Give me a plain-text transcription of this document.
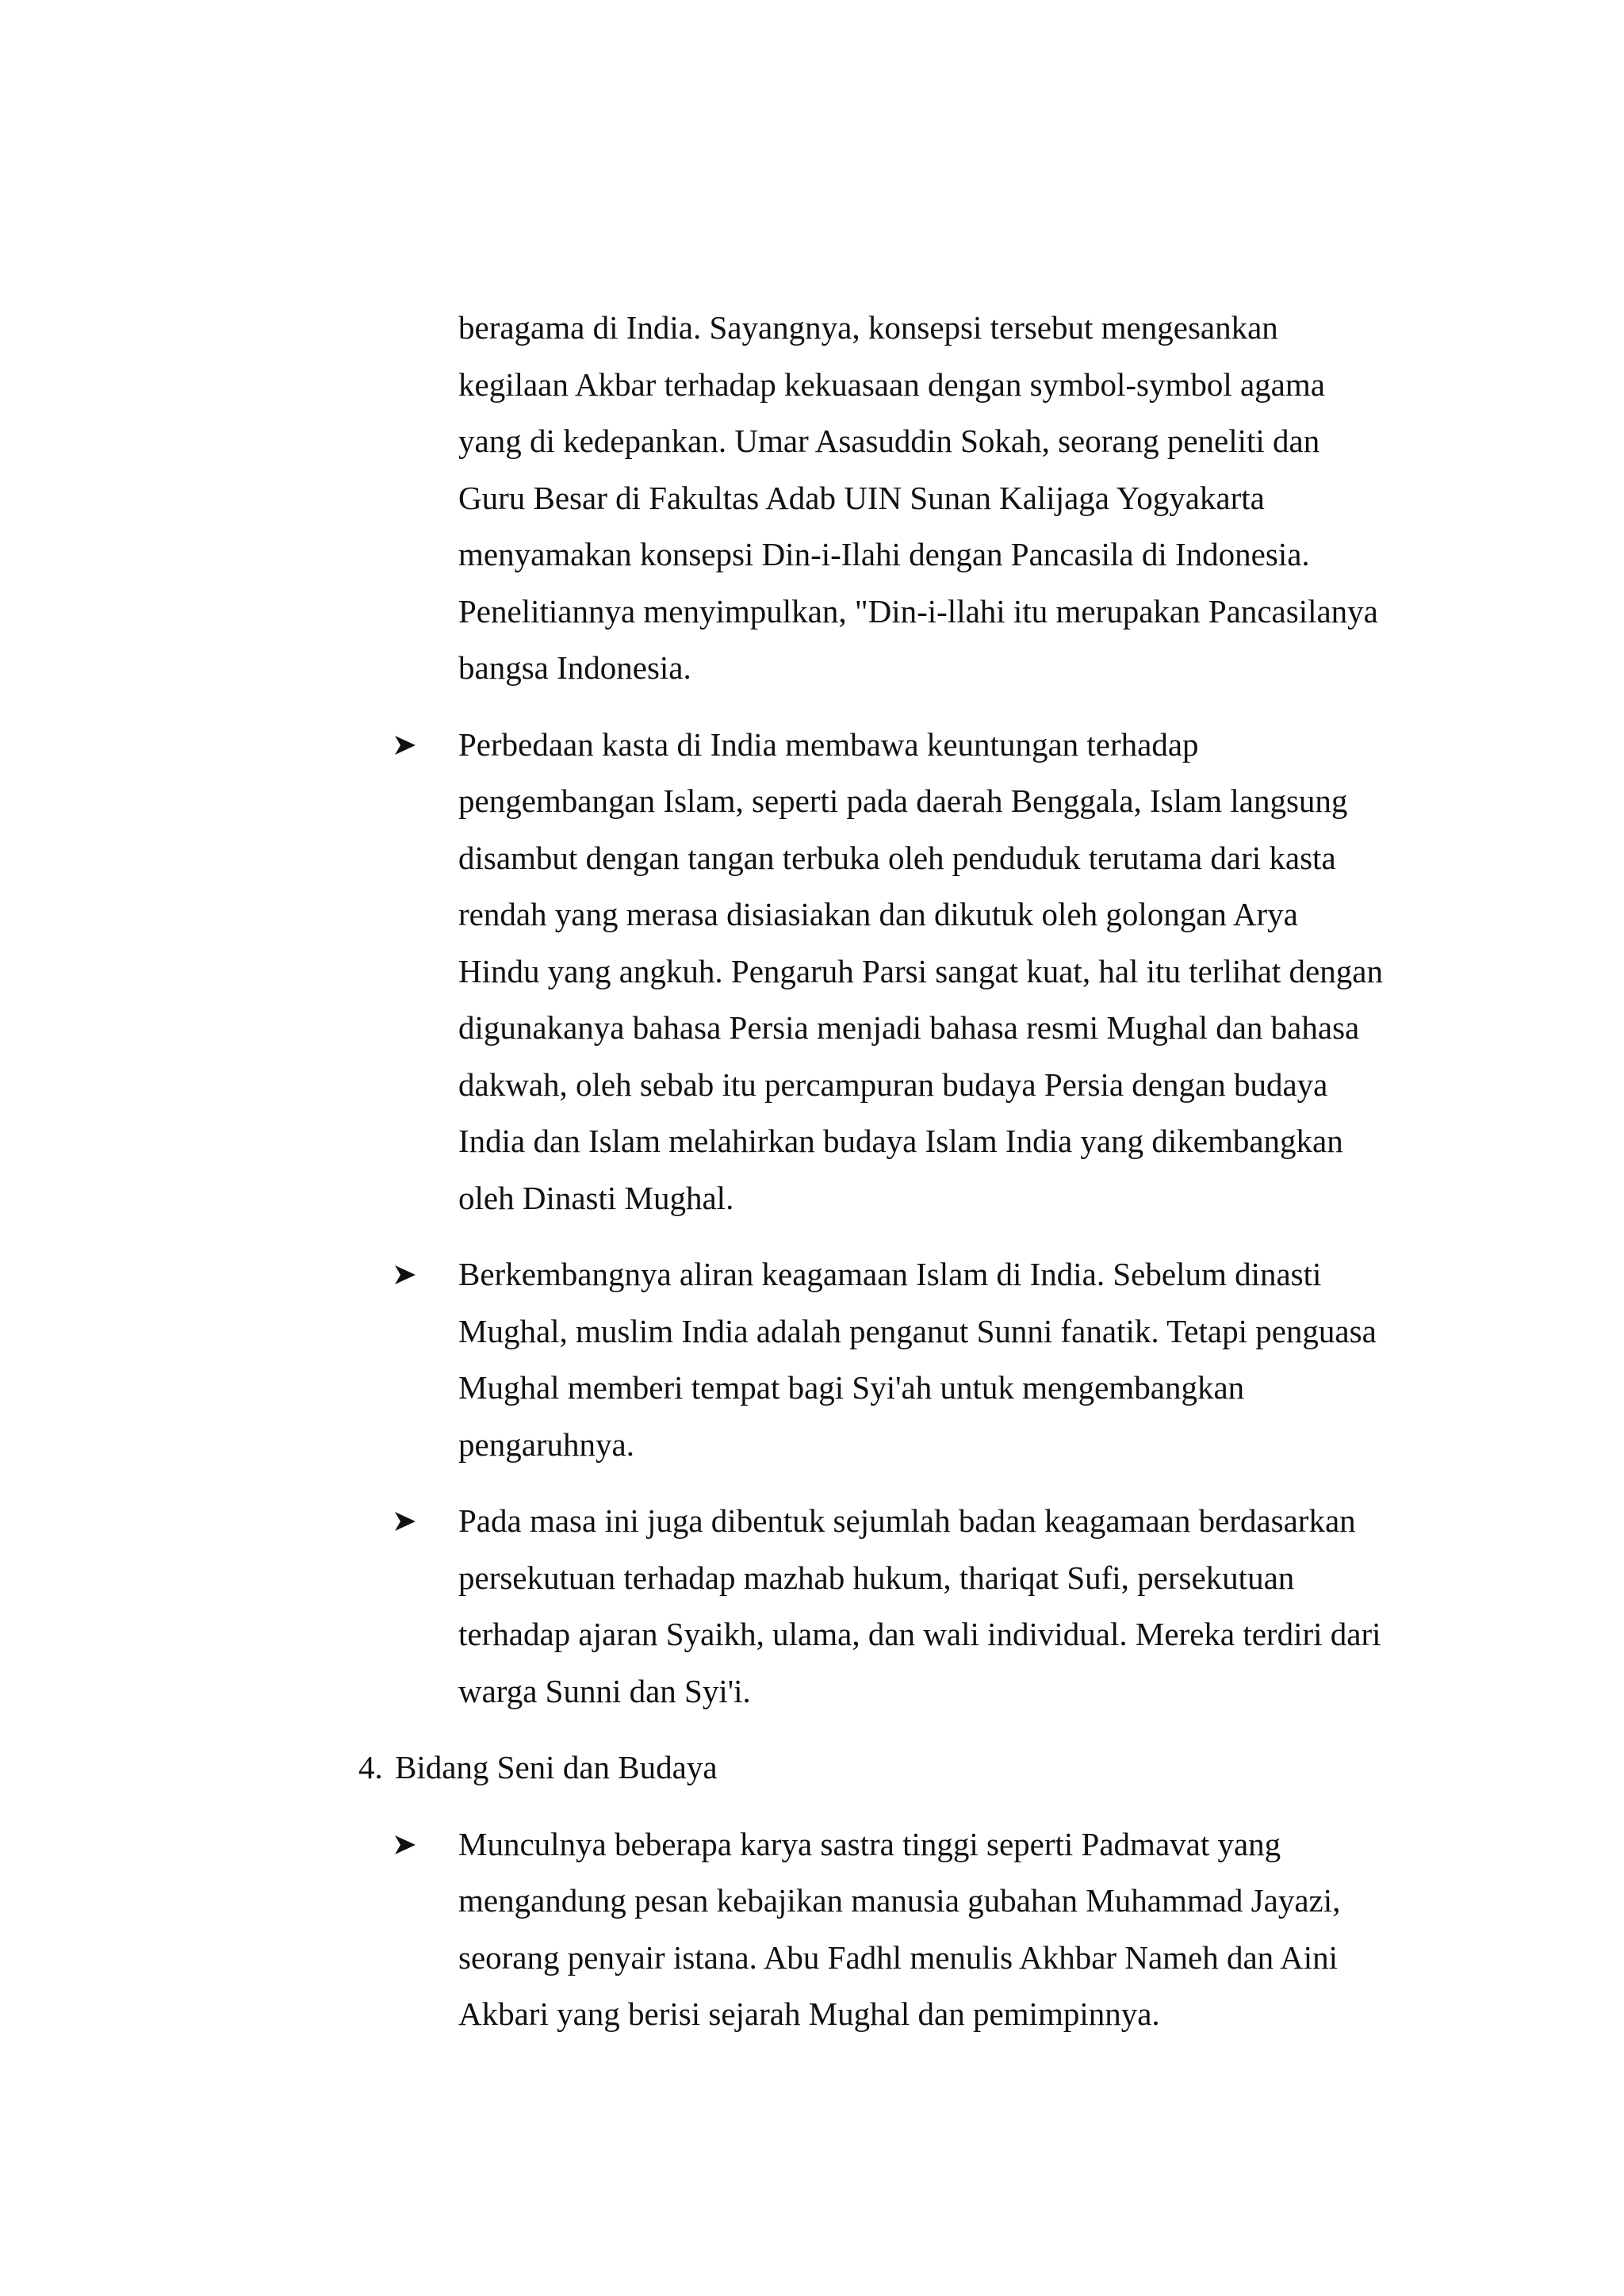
beragama di India. Sayangnya, konsepsi tersebut mengesankan
kegilaan Akbar terhadap kekuasaan dengan symbol-symbol agama
yang di kedepankan. Umar Asasuddin Sokah, seorang peneliti dan
Guru Besar di Fakultas Adab UIN Sunan Kalijaga Yogyakarta
menyamakan konsepsi Din-i-Ilahi dengan Pancasila di Indonesia.
Penelitiannya menyimpulkan, "Din-i-llahi itu merupakan Pancasilanya
bangsa Indonesia.
Perbedaan kasta di India membawa keuntungan terhadap
pengembangan Islam, seperti pada daerah Benggala, Islam langsung
disambut dengan tangan terbuka oleh penduduk terutama dari kasta
rendah yang merasa disiasiakan dan dikutuk oleh golongan Arya
Hindu yang angkuh. Pengaruh Parsi sangat kuat, hal itu terlihat dengan
digunakanya bahasa Persia menjadi bahasa resmi Mughal dan bahasa
dakwah, oleh sebab itu percampuran budaya Persia dengan budaya
India dan Islam melahirkan budaya Islam India yang dikembangkan
oleh Dinasti Mughal.
Berkembangnya aliran keagamaan Islam di India. Sebelum dinasti
Mughal, muslim India adalah penganut Sunni fanatik. Tetapi penguasa
Mughal memberi tempat bagi Syi'ah untuk mengembangkan
pengaruhnya.
Pada masa ini juga dibentuk sejumlah badan keagamaan berdasarkan
persekutuan terhadap mazhab hukum, thariqat Sufi, persekutuan
terhadap ajaran Syaikh, ulama, dan wali individual. Mereka terdiri dari
warga Sunni dan Syi'i.
4. Bidang Seni dan Budaya
Munculnya beberapa karya sastra tinggi seperti Padmavat yang
mengandung pesan kebajikan manusia gubahan Muhammad Jayazi,
seorang penyair istana. Abu Fadhl menulis Akhbar Nameh dan Aini
Akbari yang berisi sejarah Mughal dan pemimpinnya.
